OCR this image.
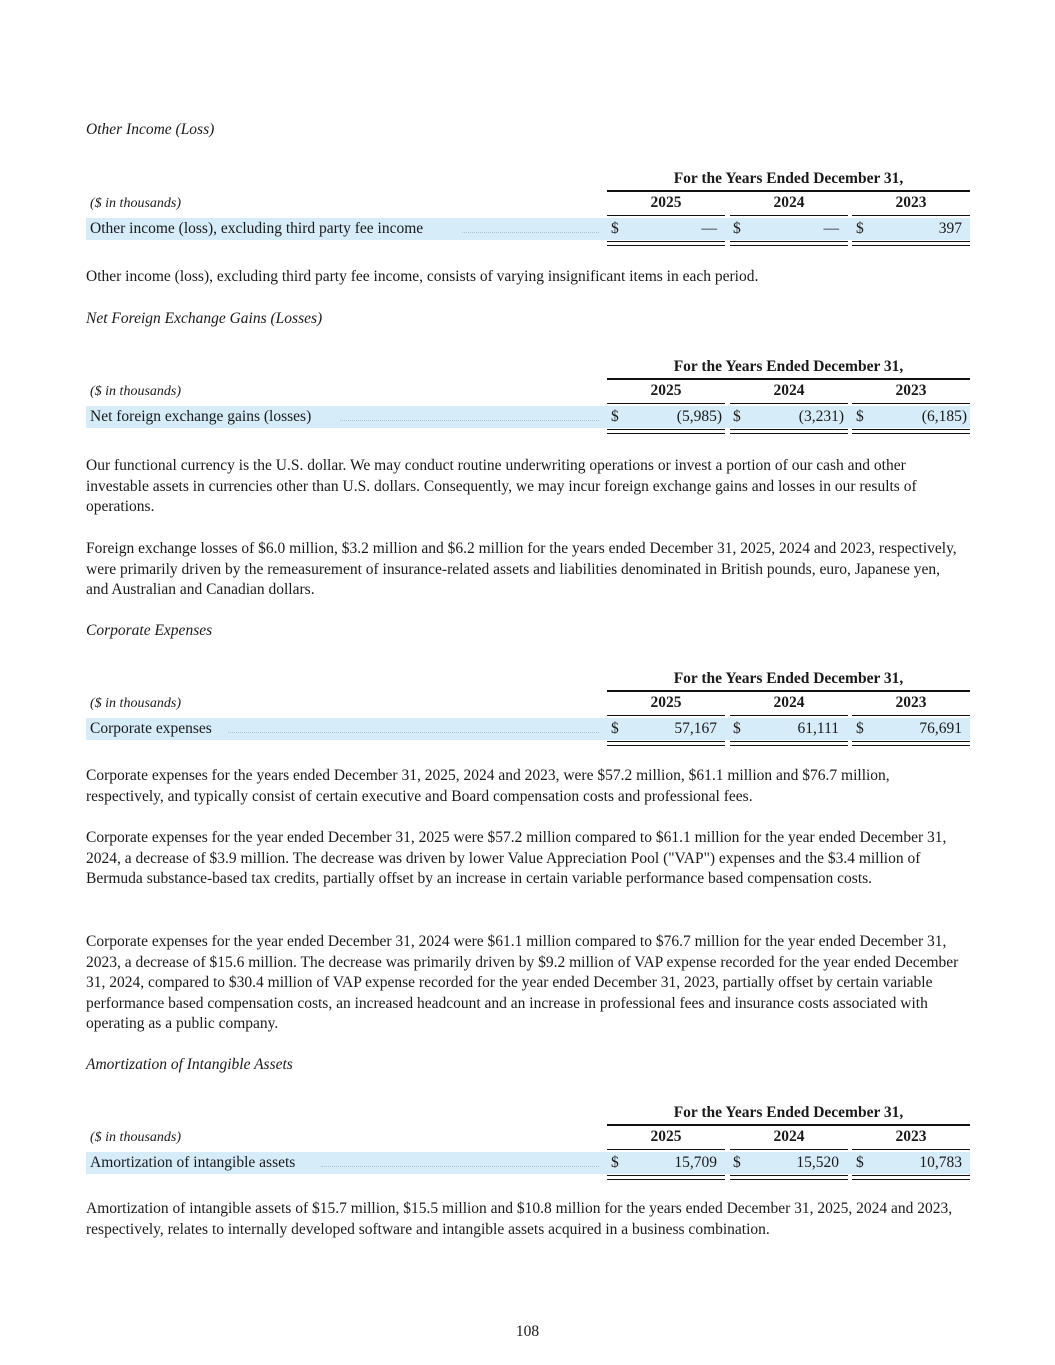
Other Income (Loss)
For the Years Ended December 31,
($ in thousands)	2025	2024	2023
Other income (loss), excluding third party fee income	$	— $	— $	397
Other income (loss), excluding third party fee income, consists of varying insignificant items in each period.
Net Foreign Exchange Gains (Losses)
For the Years Ended December 31,
($ in thousands)	2025	2024	2023
Net foreign exchange gains (losses)	$	(5,985) $	(3,231) $	(6,185)
Our functional currency is the U.S. dollar. We may conduct routine underwriting operations or invest a portion of our cash and other investable assets in currencies other than U.S. dollars. Consequently, we may incur foreign exchange gains and losses in our results of operations.
Foreign exchange losses of $6.0 million, $3.2 million and $6.2 million for the years ended December 31, 2025, 2024 and 2023, respectively, were primarily driven by the remeasurement of insurance-related assets and liabilities denominated in British pounds, euro, Japanese yen, and Australian and Canadian dollars.
Corporate Expenses
For the Years Ended December 31,
($ in thousands)	2025	2024	2023
Corporate expenses	$	57,167 $	61,111 $	76,691
Corporate expenses for the years ended December 31, 2025, 2024 and 2023, were $57.2 million, $61.1 million and $76.7 million, respectively, and typically consist of certain executive and Board compensation costs and professional fees.
Corporate expenses for the year ended December 31, 2025 were $57.2 million compared to $61.1 million for the year ended December 31, 2024, a decrease of $3.9 million. The decrease was driven by lower Value Appreciation Pool ("VAP") expenses and the $3.4 million of Bermuda substance-based tax credits, partially offset by an increase in certain variable performance based compensation costs.
Corporate expenses for the year ended December 31, 2024 were $61.1 million compared to $76.7 million for the year ended December 31, 2023, a decrease of $15.6 million. The decrease was primarily driven by $9.2 million of VAP expense recorded for the year ended December 31, 2024, compared to $30.4 million of VAP expense recorded for the year ended December 31, 2023, partially offset by certain variable performance based compensation costs, an increased headcount and an increase in professional fees and insurance costs associated with operating as a public company.
Amortization of Intangible Assets
For the Years Ended December 31,
($ in thousands)	2025	2024	2023
Amortization of intangible assets	$	15,709 $	15,520 $	10,783
Amortization of intangible assets of $15.7 million, $15.5 million and $10.8 million for the years ended December 31, 2025, 2024 and 2023, respectively, relates to internally developed software and intangible assets acquired in a business combination.
108
